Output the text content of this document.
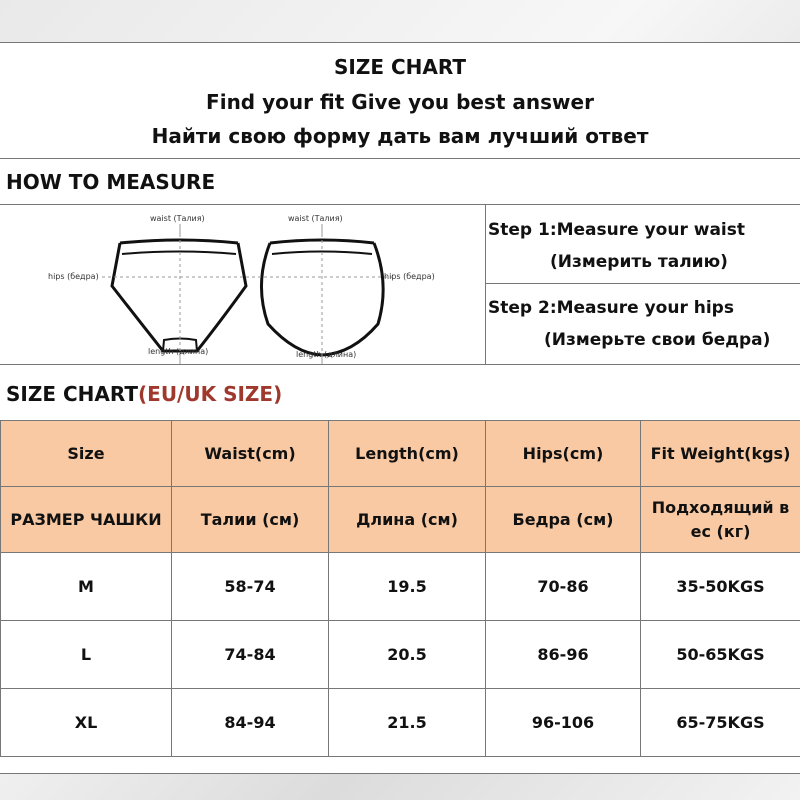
SIZE CHART
Find your fit Give you best answer
Найти свою форму дать вам лучший ответ
HOW TO MEASURE
waist (Талия)	waist (Талия)
hips (бедра)	hips (бедра)
length (длина)	length (длина)
Step 1:Measure your waist
(Измерить талию)
Step 2:Measure your hips
(Измерьте свои бедра)
SIZE CHART(EU/UK SIZE)
Size	Waist(cm)	Length(cm)	Hips(cm)	Fit Weight(kgs)
РАЗМЕР ЧАШКИ	Талии (см)	Длина (см)	Бедра (см)	Подходящий в ес (кг)
M	58-74	19.5	70-86	35-50KGS
L	74-84	20.5	86-96	50-65KGS
XL	84-94	21.5	96-106	65-75KGS
